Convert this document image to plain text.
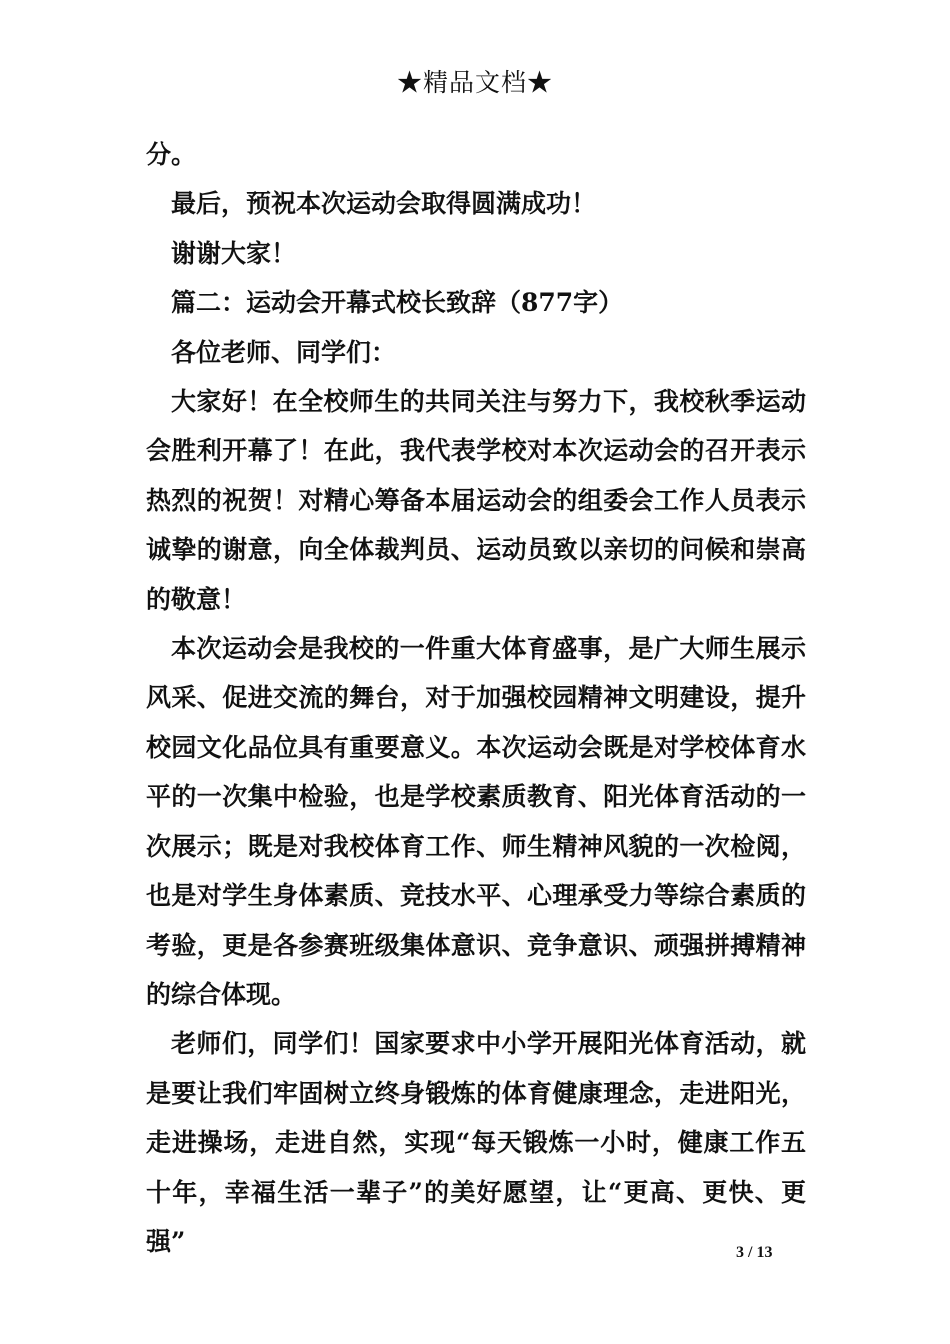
★精品文档★

分。

最后，预祝本次运动会取得圆满成功！

谢谢大家！

篇二：运动会开幕式校长致辞（877字）

各位老师、同学们：

大家好！在全校师生的共同关注与努力下，我校秋季运动会胜利开幕了！在此，我代表学校对本次运动会的召开表示热烈的祝贺！对精心筹备本届运动会的组委会工作人员表示诚挚的谢意，向全体裁判员、运动员致以亲切的问候和崇高的敬意！

本次运动会是我校的一件重大体育盛事，是广大师生展示风采、促进交流的舞台，对于加强校园精神文明建设，提升校园文化品位具有重要意义。本次运动会既是对学校体育水平的一次集中检验，也是学校素质教育、阳光体育活动的一次展示；既是对我校体育工作、师生精神风貌的一次检阅，也是对学生身体素质、竞技水平、心理承受力等综合素质的考验，更是各参赛班级集体意识、竞争意识、顽强拼搏精神的综合体现。

老师们，同学们！国家要求中小学开展阳光体育活动，就是要让我们牢固树立终身锻炼的体育健康理念，走进阳光，走进操场，走进自然，实现“每天锻炼一小时，健康工作五十年，幸福生活一辈子”的美好愿望，让“更高、更快、更强”	3 / 13
